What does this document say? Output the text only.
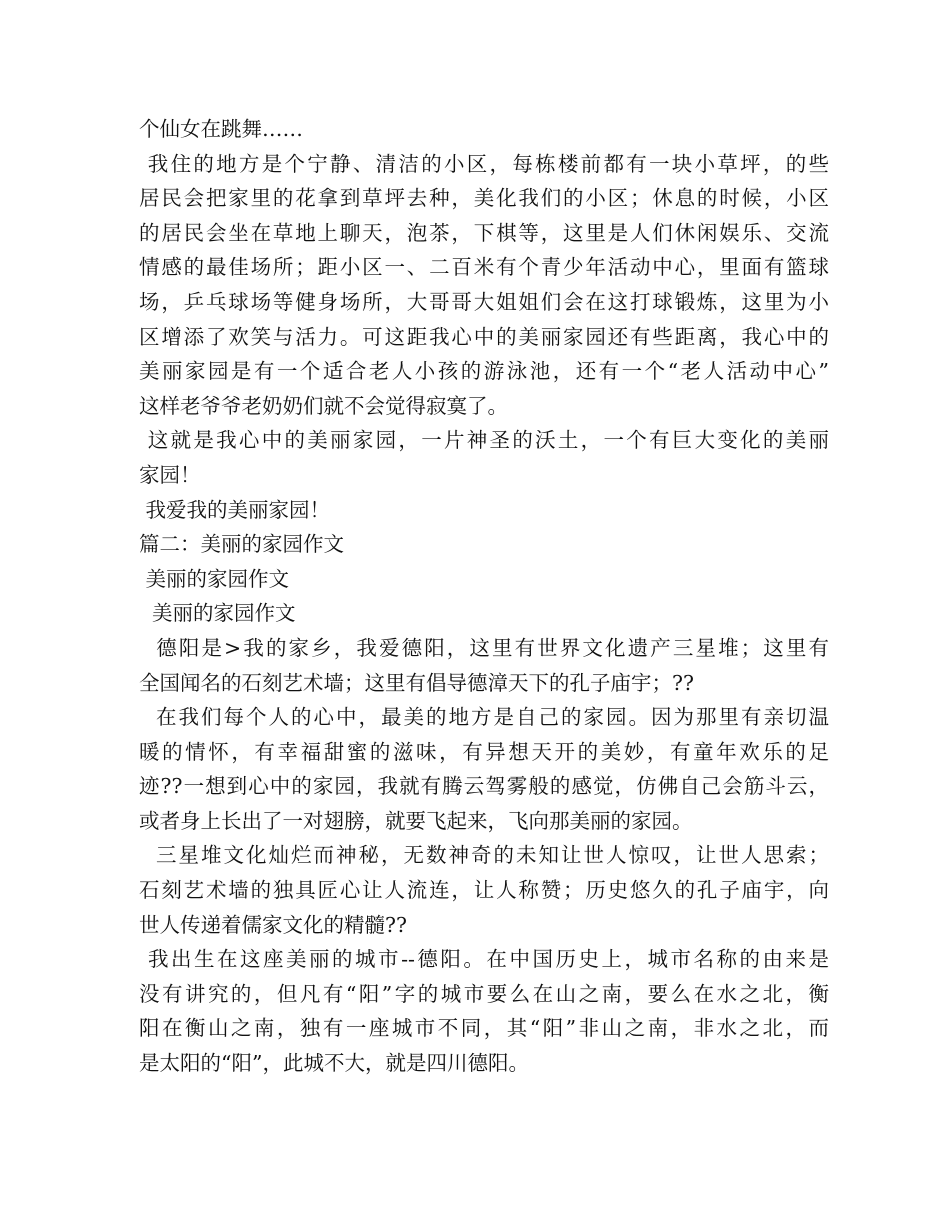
个仙女在跳舞……
我住的地方是个宁静、清洁的小区，每栋楼前都有一块小草坪，的些
居民会把家里的花拿到草坪去种，美化我们的小区；休息的时候，小区
的居民会坐在草地上聊天，泡茶，下棋等，这里是人们休闲娱乐、交流
情感的最佳场所；距小区一、二百米有个青少年活动中心，里面有篮球
场，乒乓球场等健身场所，大哥哥大姐姐们会在这打球锻炼，这里为小
区增添了欢笑与活力。可这距我心中的美丽家园还有些距离，我心中的
美丽家园是有一个适合老人小孩的游泳池，还有一个“老人活动中心”
这样老爷爷老奶奶们就不会觉得寂寞了。
这就是我心中的美丽家园，一片神圣的沃土，一个有巨大变化的美丽
家园！
我爱我的美丽家园！
篇二：美丽的家园作文
美丽的家园作文
美丽的家园作文
德阳是>我的家乡，我爱德阳，这里有世界文化遗产三星堆；这里有
全国闻名的石刻艺术墙；这里有倡导德漳天下的孔子庙宇；??
在我们每个人的心中，最美的地方是自己的家园。因为那里有亲切温
暖的情怀，有幸福甜蜜的滋味，有异想天开的美妙，有童年欢乐的足
迹??一想到心中的家园，我就有腾云驾雾般的感觉，仿佛自己会筋斗云，
或者身上长出了一对翅膀，就要飞起来，飞向那美丽的家园。
三星堆文化灿烂而神秘，无数神奇的未知让世人惊叹，让世人思索；
石刻艺术墙的独具匠心让人流连，让人称赞；历史悠久的孔子庙宇，向
世人传递着儒家文化的精髓??
我出生在这座美丽的城市--德阳。在中国历史上，城市名称的由来是
没有讲究的，但凡有“阳”字的城市要么在山之南，要么在水之北，衡
阳在衡山之南，独有一座城市不同，其“阳”非山之南，非水之北，而
是太阳的“阳”，此城不大，就是四川德阳。
